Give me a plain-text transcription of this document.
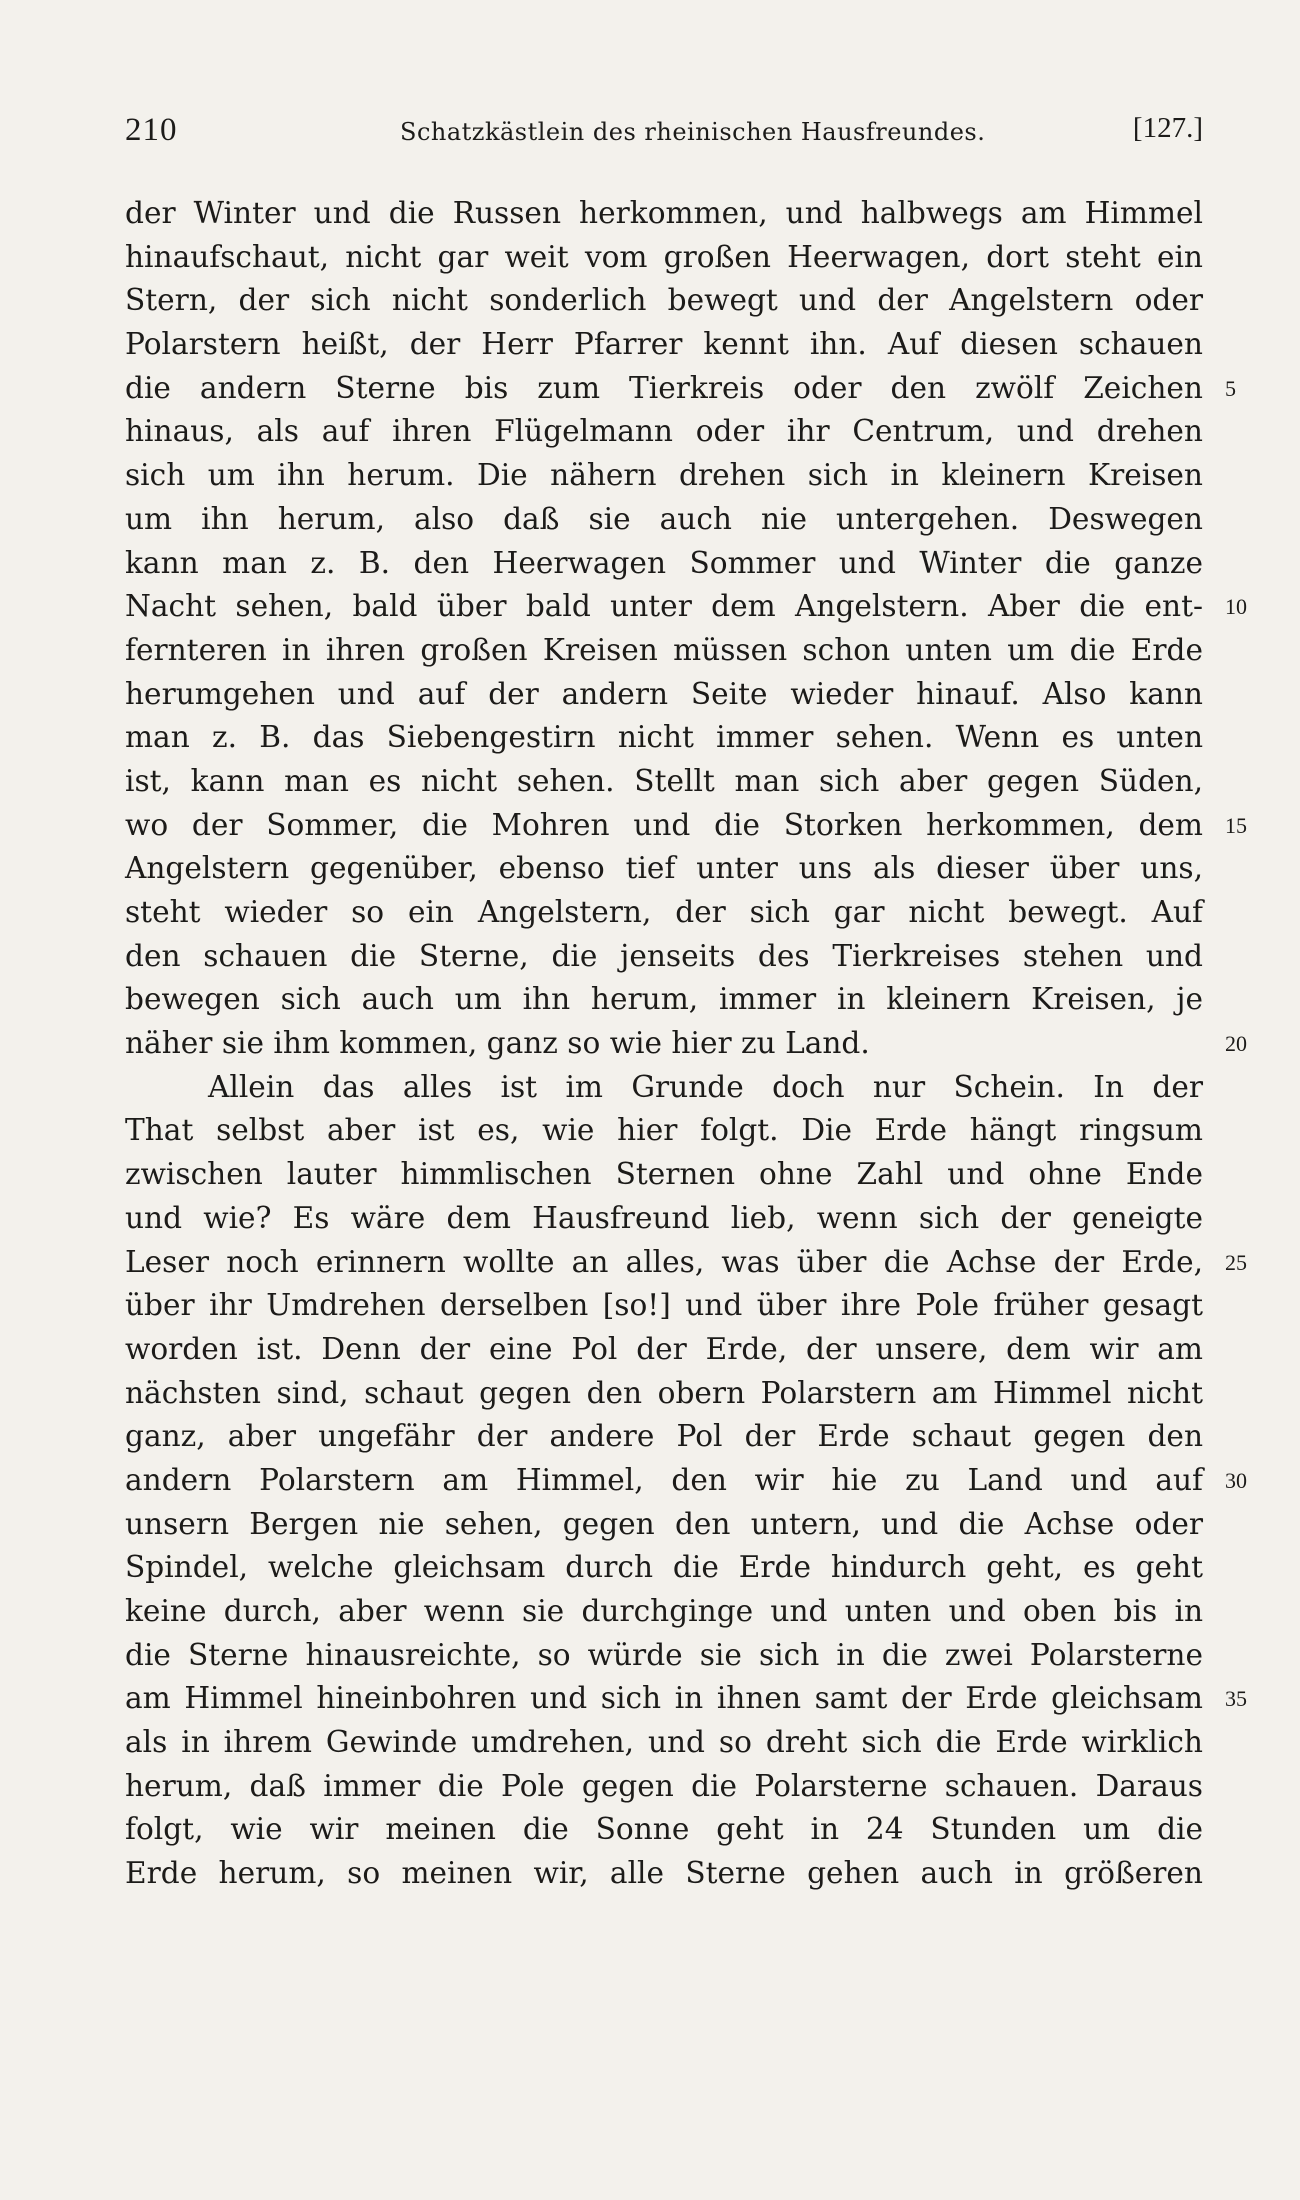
210	Schatzkästlein des rheinischen Hausfreundes.	[127.]
der Winter und die Russen herkommen, und halbwegs am Himmel
hinaufschaut, nicht gar weit vom großen Heerwagen, dort steht ein
Stern, der sich nicht sonderlich bewegt und der Angelstern oder
Polarstern heißt, der Herr Pfarrer kennt ihn. Auf diesen schauen
die andern Sterne bis zum Tierkreis oder den zwölf Zeichen 5
hinaus, als auf ihren Flügelmann oder ihr Centrum, und drehen
sich um ihn herum. Die nähern drehen sich in kleinern Kreisen
um ihn herum, also daß sie auch nie untergehen. Deswegen
kann man z. B. den Heerwagen Sommer und Winter die ganze
Nacht sehen, bald über bald unter dem Angelstern. Aber die ent- 10
fernteren in ihren großen Kreisen müssen schon unten um die Erde
herumgehen und auf der andern Seite wieder hinauf. Also kann
man z. B. das Siebengestirn nicht immer sehen. Wenn es unten
ist, kann man es nicht sehen. Stellt man sich aber gegen Süden,
wo der Sommer, die Mohren und die Storken herkommen, dem 15
Angelstern gegenüber, ebenso tief unter uns als dieser über uns,
steht wieder so ein Angelstern, der sich gar nicht bewegt. Auf
den schauen die Sterne, die jenseits des Tierkreises stehen und
bewegen sich auch um ihn herum, immer in kleinern Kreisen, je
näher sie ihm kommen, ganz so wie hier zu Land.	20
Allein das alles ist im Grunde doch nur Schein. In der
That selbst aber ist es, wie hier folgt. Die Erde hängt ringsum
zwischen lauter himmlischen Sternen ohne Zahl und ohne Ende
und wie? Es wäre dem Hausfreund lieb, wenn sich der geneigte
Leser noch erinnern wollte an alles, was über die Achse der Erde, 25
über ihr Umdrehen derselben [so!] und über ihre Pole früher gesagt
worden ist. Denn der eine Pol der Erde, der unsere, dem wir am
nächsten sind, schaut gegen den obern Polarstern am Himmel nicht
ganz, aber ungefähr der andere Pol der Erde schaut gegen den
andern Polarstern am Himmel, den wir hie zu Land und auf 30
unsern Bergen nie sehen, gegen den untern, und die Achse oder
Spindel, welche gleichsam durch die Erde hindurch geht, es geht
keine durch, aber wenn sie durchginge und unten und oben bis in
die Sterne hinausreichte, so würde sie sich in die zwei Polarsterne
am Himmel hineinbohren und sich in ihnen samt der Erde gleichsam 35
als in ihrem Gewinde umdrehen, und so dreht sich die Erde wirklich
herum, daß immer die Pole gegen die Polarsterne schauen. Daraus
folgt, wie wir meinen die Sonne geht in 24 Stunden um die
Erde herum, so meinen wir, alle Sterne gehen auch in größeren
